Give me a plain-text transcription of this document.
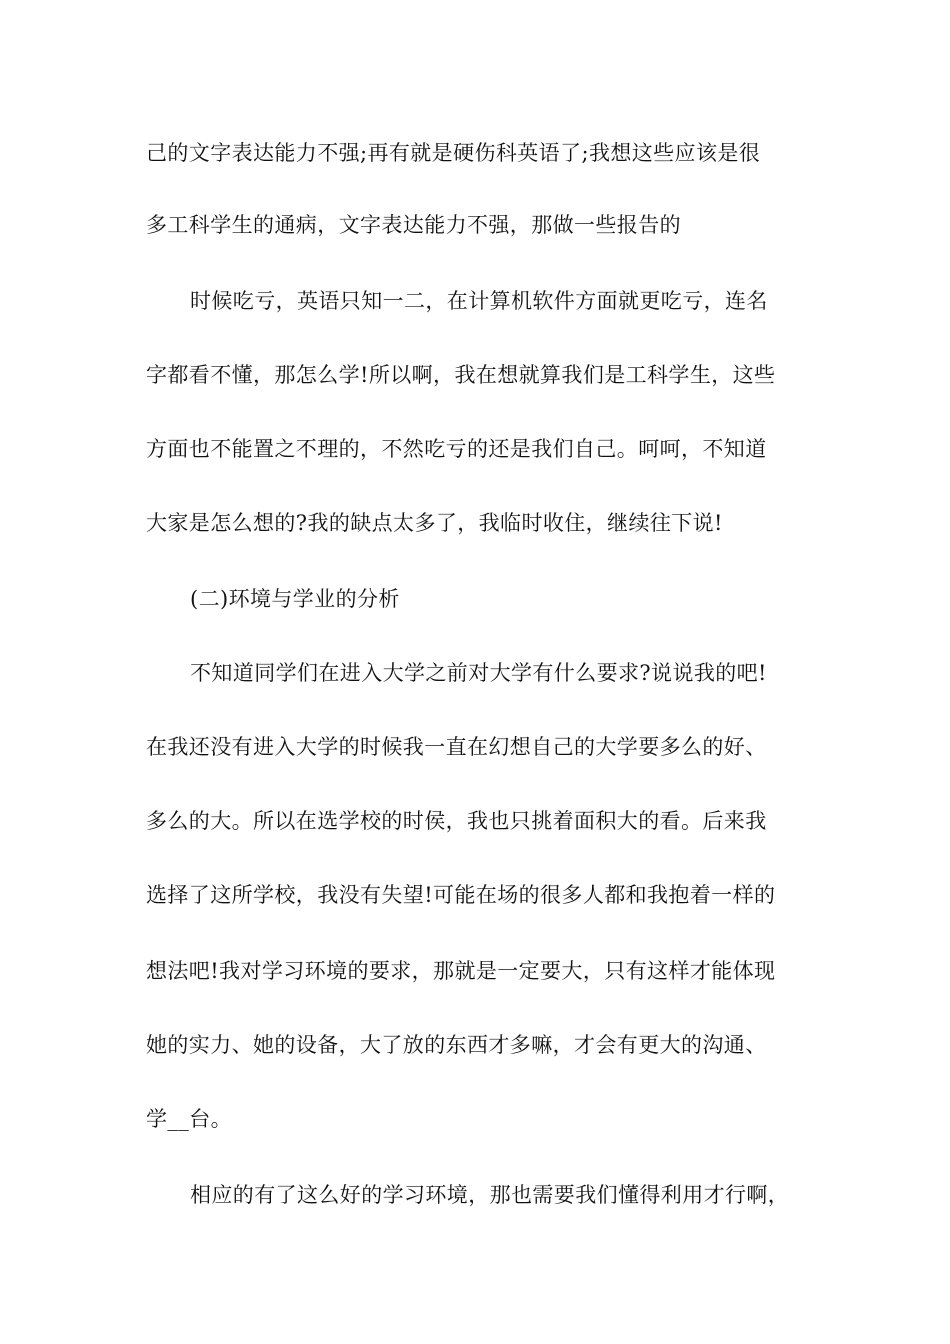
己的文字表达能力不强;再有就是硬伤科英语了;我想这些应该是很
多工科学生的通病，文字表达能力不强，那做一些报告的
时候吃亏，英语只知一二，在计算机软件方面就更吃亏，连名
字都看不懂，那怎么学!所以啊，我在想就算我们是工科学生，这些
方面也不能置之不理的，不然吃亏的还是我们自己。呵呵，不知道
大家是怎么想的?我的缺点太多了，我临时收住，继续往下说!
(二)环境与学业的分析
不知道同学们在进入大学之前对大学有什么要求?说说我的吧!
在我还没有进入大学的时候我一直在幻想自己的大学要多么的好、
多么的大。所以在选学校的时侯，我也只挑着面积大的看。后来我
选择了这所学校，我没有失望!可能在场的很多人都和我抱着一样的
想法吧!我对学习环境的要求，那就是一定要大，只有这样才能体现
她的实力、她的设备，大了放的东西才多嘛，才会有更大的沟通、
学__台。
相应的有了这么好的学习环境，那也需要我们懂得利用才行啊，
